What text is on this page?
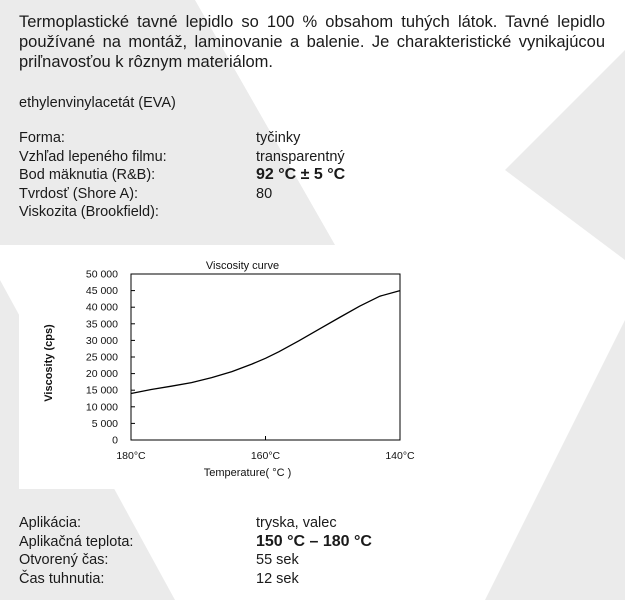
Termoplastické tavné lepidlo so 100 % obsahom tuhých látok. Tavné lepidlo používané na montáž, laminovanie a balenie. Je charakteristické vynikajúcou priľnavosťou k rôznym materiálom.

ethylenvinylacetát (EVA)

Forma:	tyčinky
Vzhľad lepeného filmu:	transparentný
Bod mäknutia (R&B):	92 °C ± 5 °C
Tvrdosť (Shore A):	80
Viskozita (Brookfield):
0
5 000
10 000
15 000
20 000
25 000
30 000
35 000
40 000
45 000
50 000
180°C	160°C	140°C
Viscosity curve
Temperature( °C )
Viscosity (cps)
Aplikácia:	tryska, valec
Aplikačná teplota:	150 °C – 180 °C
Otvorený čas:	55 sek
Čas tuhnutia:	12 sek
